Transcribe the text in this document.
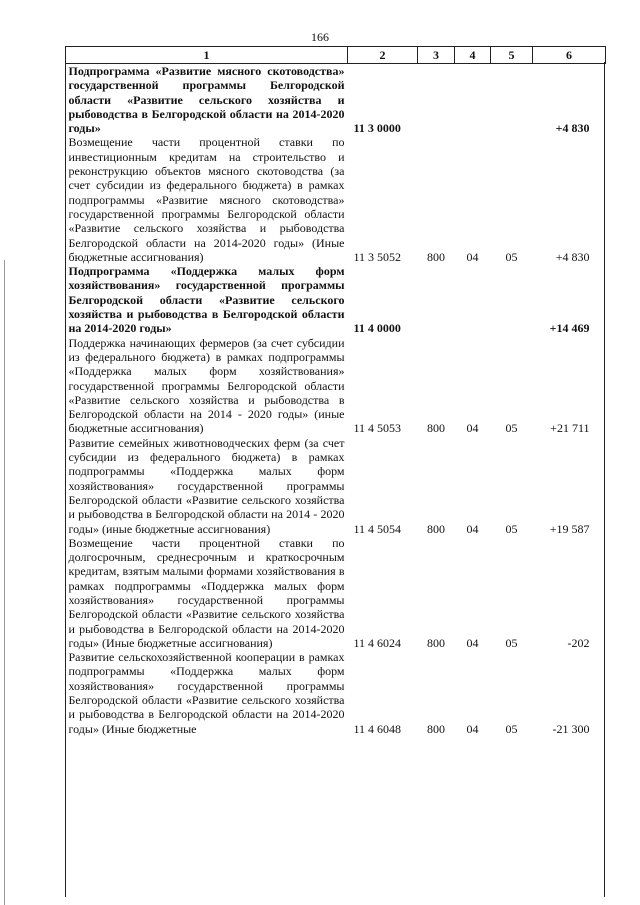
166
1	2	3	4	5	6
Подпрограмма «Развитие мясного скотоводства» государственной программы Белгородской области «Развитие сельского хозяйства и рыбоводства в Белгородской области на 2014-2020 годы»	11 3 0000				+4 830
Возмещение части процентной ставки по инвестиционным кредитам на строительство и реконструкцию объектов мясного скотоводства (за счет субсидии из федерального бюджета) в рамках подпрограммы «Развитие мясного скотоводства» государственной программы Белгородской области «Развитие сельского хозяйства и рыбоводства Белгородской области на 2014-2020 годы» (Иные бюджетные ассигнования)	11 3 5052	800	04	05	+4 830
Подпрограмма «Поддержка малых форм хозяйствования» государственной программы Белгородской области «Развитие сельского хозяйства и рыбоводства в Белгородской области на 2014-2020 годы»	11 4 0000				+14 469
Поддержка начинающих фермеров (за счет субсидии из федерального бюджета) в рамках подпрограммы «Поддержка малых форм хозяйствования» государственной программы Белгородской области «Развитие сельского хозяйства и рыбоводства в Белгородской области на 2014 - 2020 годы» (иные бюджетные ассигнования)	11 4 5053	800	04	05	+21 711
Развитие семейных животноводческих ферм (за счет субсидии из федерального бюджета) в рамках подпрограммы «Поддержка малых форм хозяйствования» государственной программы Белгородской области «Развитие сельского хозяйства и рыбоводства в Белгородской области на 2014 - 2020 годы» (иные бюджетные ассигнования)	11 4 5054	800	04	05	+19 587
Возмещение части процентной ставки по долгосрочным, среднесрочным и краткосрочным кредитам, взятым малыми формами хозяйствования в рамках подпрограммы «Поддержка малых форм хозяйствования» государственной программы Белгородской области «Развитие сельского хозяйства и рыбоводства в Белгородской области на 2014-2020 годы» (Иные бюджетные ассигнования)	11 4 6024	800	04	05	-202
Развитие сельскохозяйственной кооперации в рамках подпрограммы «Поддержка малых форм хозяйствования» государственной программы Белгородской области «Развитие сельского хозяйства и рыбоводства в Белгородской области на 2014-2020 годы» (Иные бюджетные	11 4 6048	800	04	05	-21 300
